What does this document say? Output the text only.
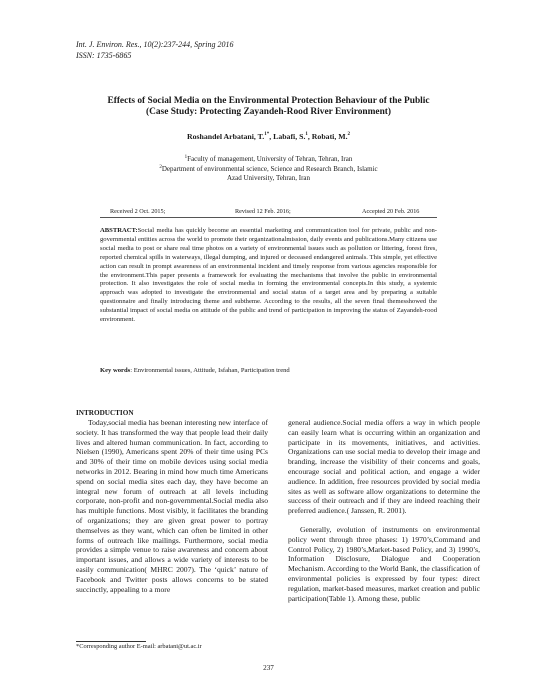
Int. J. Environ. Res., 10(2):237-244, Spring 2016
ISSN: 1735-6865
Effects of Social Media on the Environmental Protection Behaviour of the Public
(Case Study: Protecting Zayandeh-Rood River Environment)
Roshandel Arbatani, T.$^{1*}$, Labafi, S.$^1$, Robati, M.$^2$
$^1$Faculty of management, University of Tehran, Tehran, Iran
$^2$Department of environmental science, Science and Research Branch, Islamic
Azad University, Tehran, Iran
Received 2 Oct. 2015;	Revised 12 Feb. 2016;	Accepted 20 Feb. 2016
ABSTRACT:Social media has quickly become an essential marketing and communication tool for private, public and non-governmental entities across the world to promote their organizationalmission, daily events and publications.Many citizens use social media to post or share real time photos on a variety of environmental issues such as pollution or littering, forest fires, reported chemical spills in waterways, illegal dumping, and injured or deceased endangered animals. This simple, yet effective action can result in prompt awareness of an environmental incident and timely response from various agencies responsible for the environment.This paper presents a framework for evaluating the mechanisms that involve the public in environmental protection. It also investigates the role of social media in forming the environmental concepts.In this study, a systemic approach was adopted to investigate the environmental and social status of a target area and by preparing a suitable questionnaire and finally introducing theme and subtheme. According to the results, all the seven final themesshowed the substantial impact of social media on attitude of the public and trend of participation in improving the status of Zayandeh-rood environment.
Key words: Environmental issues, Attitude, Isfahan, Participation trend
INTRODUCTION

Today,social media has beenan interesting new interface of society. It has transformed the way that people lead their daily lives and altered human communication. In fact, according to Nielsen (1990), Americans spent 20% of their time using PCs and 30% of their time on mobile devices using social media networks in 2012. Bearing in mind how much time Americans spend on social media sites each day, they have become an integral new forum of outreach at all levels including corporate, non-profit and non-governmental.Social media also has multiple functions. Most visibly, it facilitates the branding of organizations; they are given great power to portray themselves as they want, which can often be limited in other forms of outreach like mailings. Furthermore, social media provides a simple venue to raise awareness and concern about important issues, and allows a wide variety of interests to be easily communication( MHRC 2007). The ‘quick’ nature of Facebook and Twitter posts allows concerns to be stated succinctly, appealing to a more

general audience.Social media offers a way in which people can easily learn what is occurring within an organization and participate in its movements, initiatives, and activities. Organizations can use social media to develop their image and branding, increase the visibility of their concerns and goals, encourage social and political action, and engage a wider audience. In addition, free resources provided by social media sites as well as software allow organizations to determine the success of their outreach and if they are indeed reaching their preferred audience.( Janssen, R. 2001).

Generally, evolution of instruments on environmental policy went through three phases: 1) 1970’s,Command and Control Policy, 2) 1980’s,Market-based Policy, and 3) 1990’s, Information Disclosure, Dialogue and Cooperation Mechanism. According to the World Bank, the classification of environmental policies is expressed by four types: direct regulation, market-based measures, market creation and public participation(Table 1). Among these, public

*Corresponding author E-mail: arbatani@ut.ac.ir
237
